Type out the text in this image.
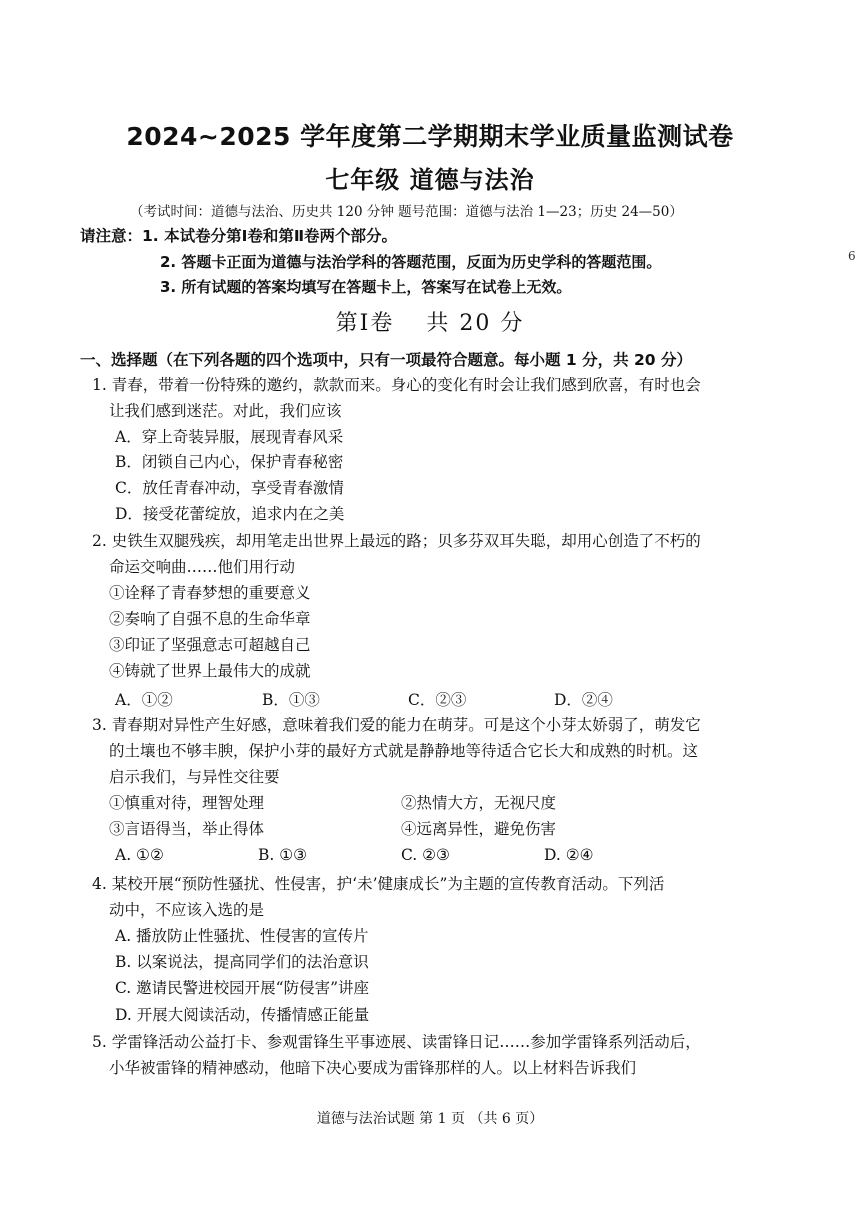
2024~2025 学年度第二学期期末学业质量监测试卷
七年级 道德与法治
（考试时间：道德与法治、历史共 120 分钟 题号范围：道德与法治 1—23；历史 24—50）
请注意：1. 本试卷分第Ⅰ卷和第Ⅱ卷两个部分。
2. 答题卡正面为道德与法治学科的答题范围，反面为历史学科的答题范围。
3. 所有试题的答案均填写在答题卡上，答案写在试卷上无效。
6
第Ⅰ卷 共 20 分
一、选择题（在下列各题的四个选项中，只有一项最符合题意。每小题 1 分，共 20 分）
1. 青春，带着一份特殊的邀约，款款而来。身心的变化有时会让我们感到欣喜，有时也会
让我们感到迷茫。对此，我们应该
A．穿上奇装异服，展现青春风采
B．闭锁自己内心，保护青春秘密
C．放任青春冲动，享受青春激情
D．接受花蕾绽放，追求内在之美
2. 史铁生双腿残疾，却用笔走出世界上最远的路；贝多芬双耳失聪，却用心创造了不朽的
命运交响曲……他们用行动
①诠释了青春梦想的重要意义
②奏响了自强不息的生命华章
③印证了坚强意志可超越自己
④铸就了世界上最伟大的成就
A．①②	B．①③	C．②③	D．②④
3. 青春期对异性产生好感，意味着我们爱的能力在萌芽。可是这个小芽太娇弱了，萌发它
的土壤也不够丰腴，保护小芽的最好方式就是静静地等待适合它长大和成熟的时机。这
启示我们，与异性交往要
①慎重对待，理智处理	②热情大方，无视尺度
③言语得当，举止得体	④远离异性，避免伤害
A. ①②	B. ①③	C. ②③	D. ②④
4. 某校开展“预防性骚扰、性侵害，护‘未’健康成长”为主题的宣传教育活动。下列活
动中，不应该入选的是
A. 播放防止性骚扰、性侵害的宣传片
B. 以案说法，提高同学们的法治意识
C. 邀请民警进校园开展“防侵害”讲座
D. 开展大阅读活动，传播情感正能量
5. 学雷锋活动公益打卡、参观雷锋生平事迹展、读雷锋日记……参加学雷锋系列活动后，
小华被雷锋的精神感动，他暗下决心要成为雷锋那样的人。以上材料告诉我们
道德与法治试题 第 1 页 （共 6 页）
